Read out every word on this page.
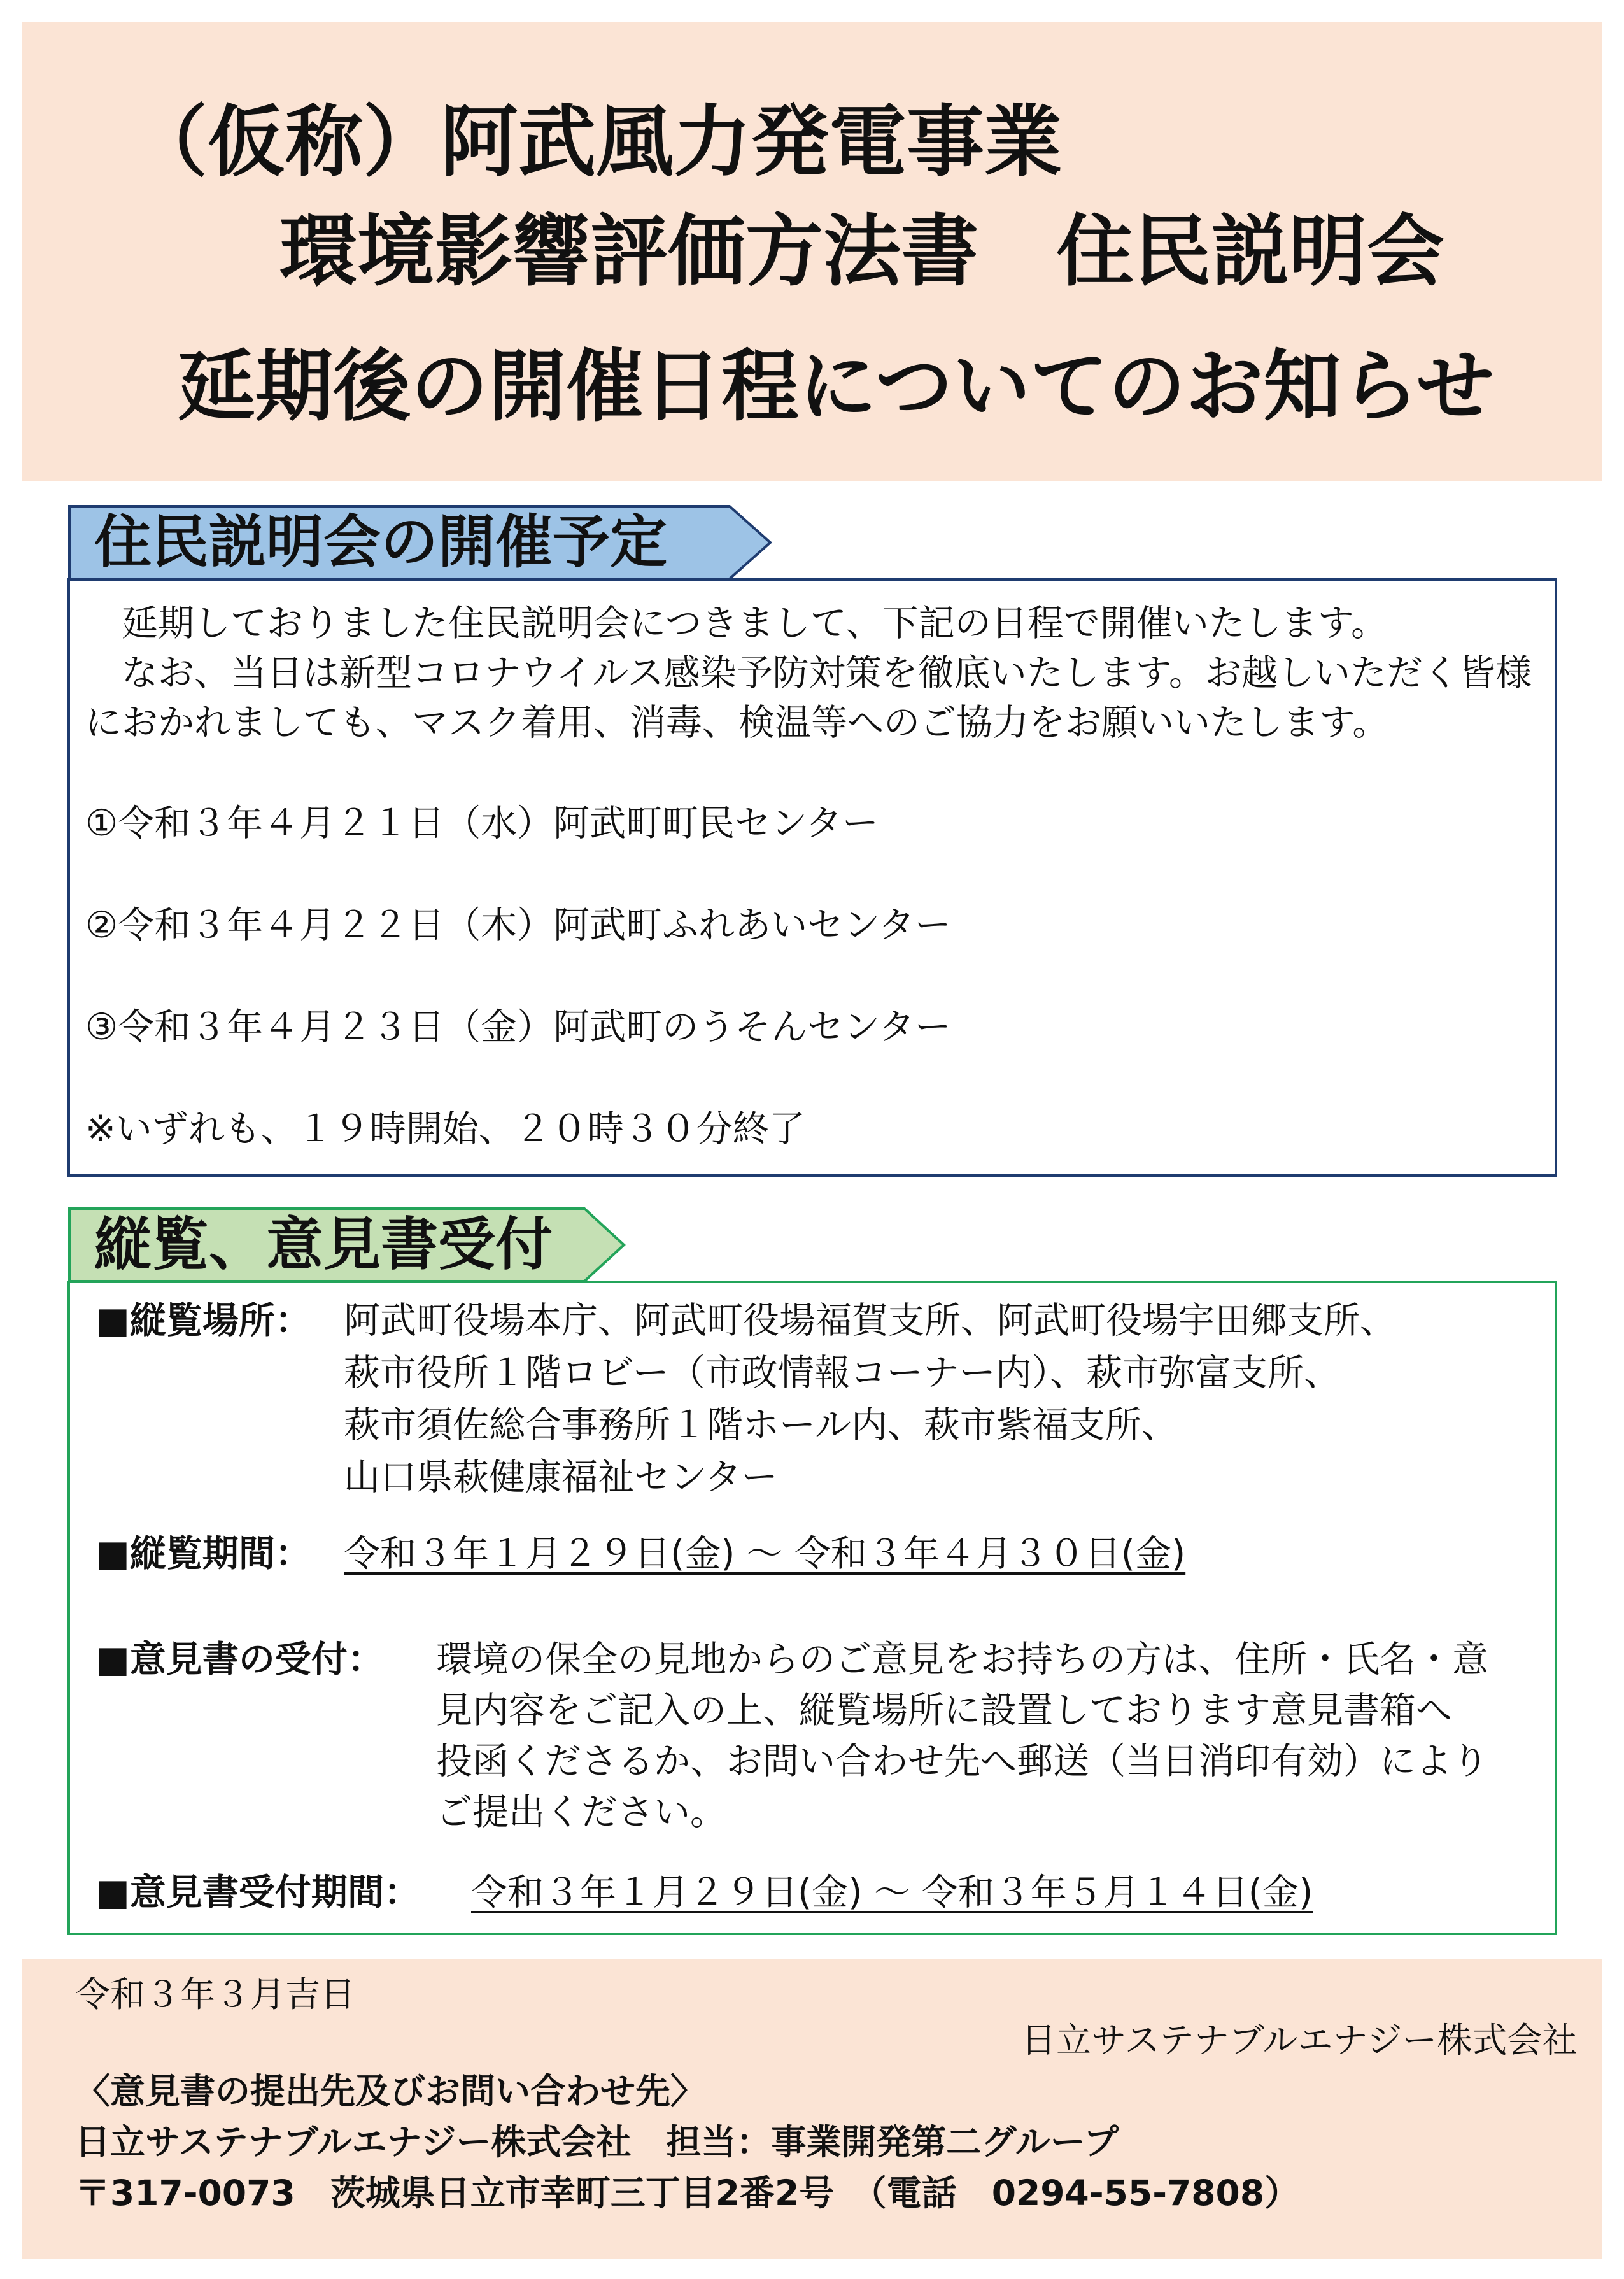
（仮称）阿武風力発電事業
環境影響評価方法書　住民説明会
延期後の開催日程についてのお知らせ
住民説明会の開催予定
　延期しておりました住民説明会につきまして、下記の日程で開催いたします。
　なお、当日は新型コロナウイルス感染予防対策を徹底いたします。お越しいただく皆様
におかれましても、マスク着用、消毒、検温等へのご協力をお願いいたします。
①令和３年４月２１日（水）阿武町町民センター
②令和３年４月２２日（木）阿武町ふれあいセンター
③令和３年４月２３日（金）阿武町のうそんセンター
※いずれも、１９時開始、２０時３０分終了
縦覧、意見書受付
■縦覧場所： 阿武町役場本庁、阿武町役場福賀支所、阿武町役場宇田郷支所、
萩市役所１階ロビー（市政情報コーナー内）、萩市弥富支所、
萩市須佐総合事務所１階ホール内、萩市紫福支所、
山口県萩健康福祉センター
■縦覧期間： 令和３年１月２９日(金) ～ 令和３年４月３０日(金)
■意見書の受付： 環境の保全の見地からのご意見をお持ちの方は、住所・氏名・意
見内容をご記入の上、縦覧場所に設置しております意見書箱へ
投函くださるか、お問い合わせ先へ郵送（当日消印有効）により
ご提出ください。
■意見書受付期間： 令和３年１月２９日(金) ～ 令和３年５月１４日(金)
令和３年３月吉日
日立サステナブルエナジー株式会社
〈意見書の提出先及びお問い合わせ先〉
日立サステナブルエナジー株式会社　担当：事業開発第二グループ
〒317-0073　茨城県日立市幸町三丁目2番2号　（電話　0294-55-7808）
